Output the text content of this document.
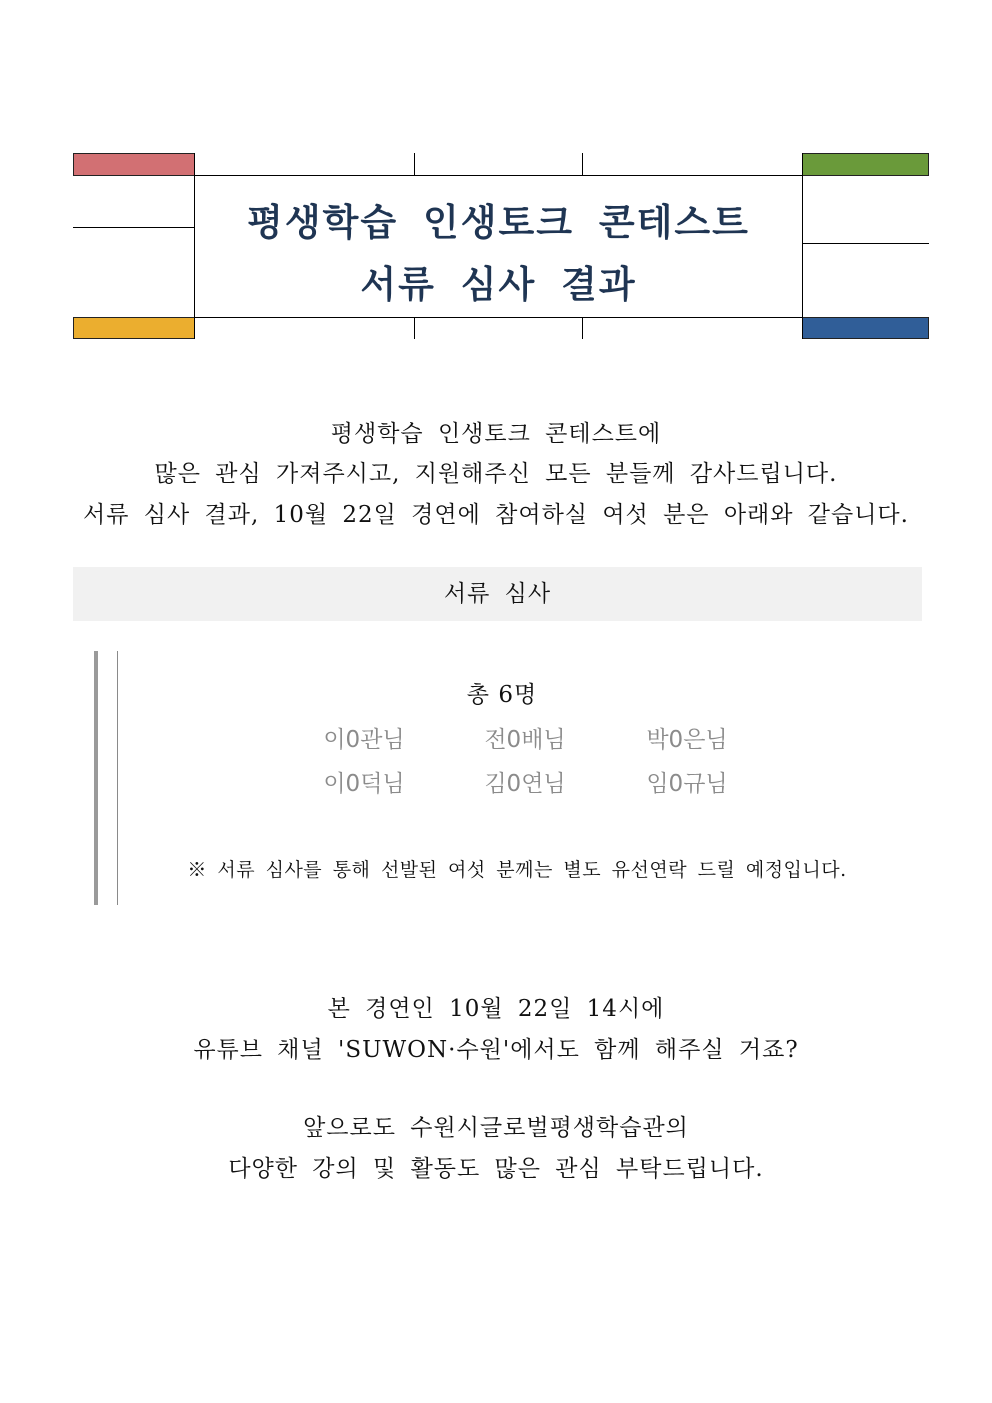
평생학습 인생토크 콘테스트
서류 심사 결과
평생학습 인생토크 콘테스트에
많은 관심 가져주시고, 지원해주신 모든 분들께 감사드립니다.
서류 심사 결과, 10월 22일 경연에 참여하실 여섯 분은 아래와 같습니다.
서류 심사
총 6명
이0관님	전0배님	박0은님
이0덕님	김0연님	임0규님
※ 서류 심사를 통해 선발된 여섯 분께는 별도 유선연락 드릴 예정입니다.
본 경연인 10월 22일 14시에
유튜브 채널 'SUWON·수원'에서도 함께 해주실 거죠?
앞으로도 수원시글로벌평생학습관의
다양한 강의 및 활동도 많은 관심 부탁드립니다.
